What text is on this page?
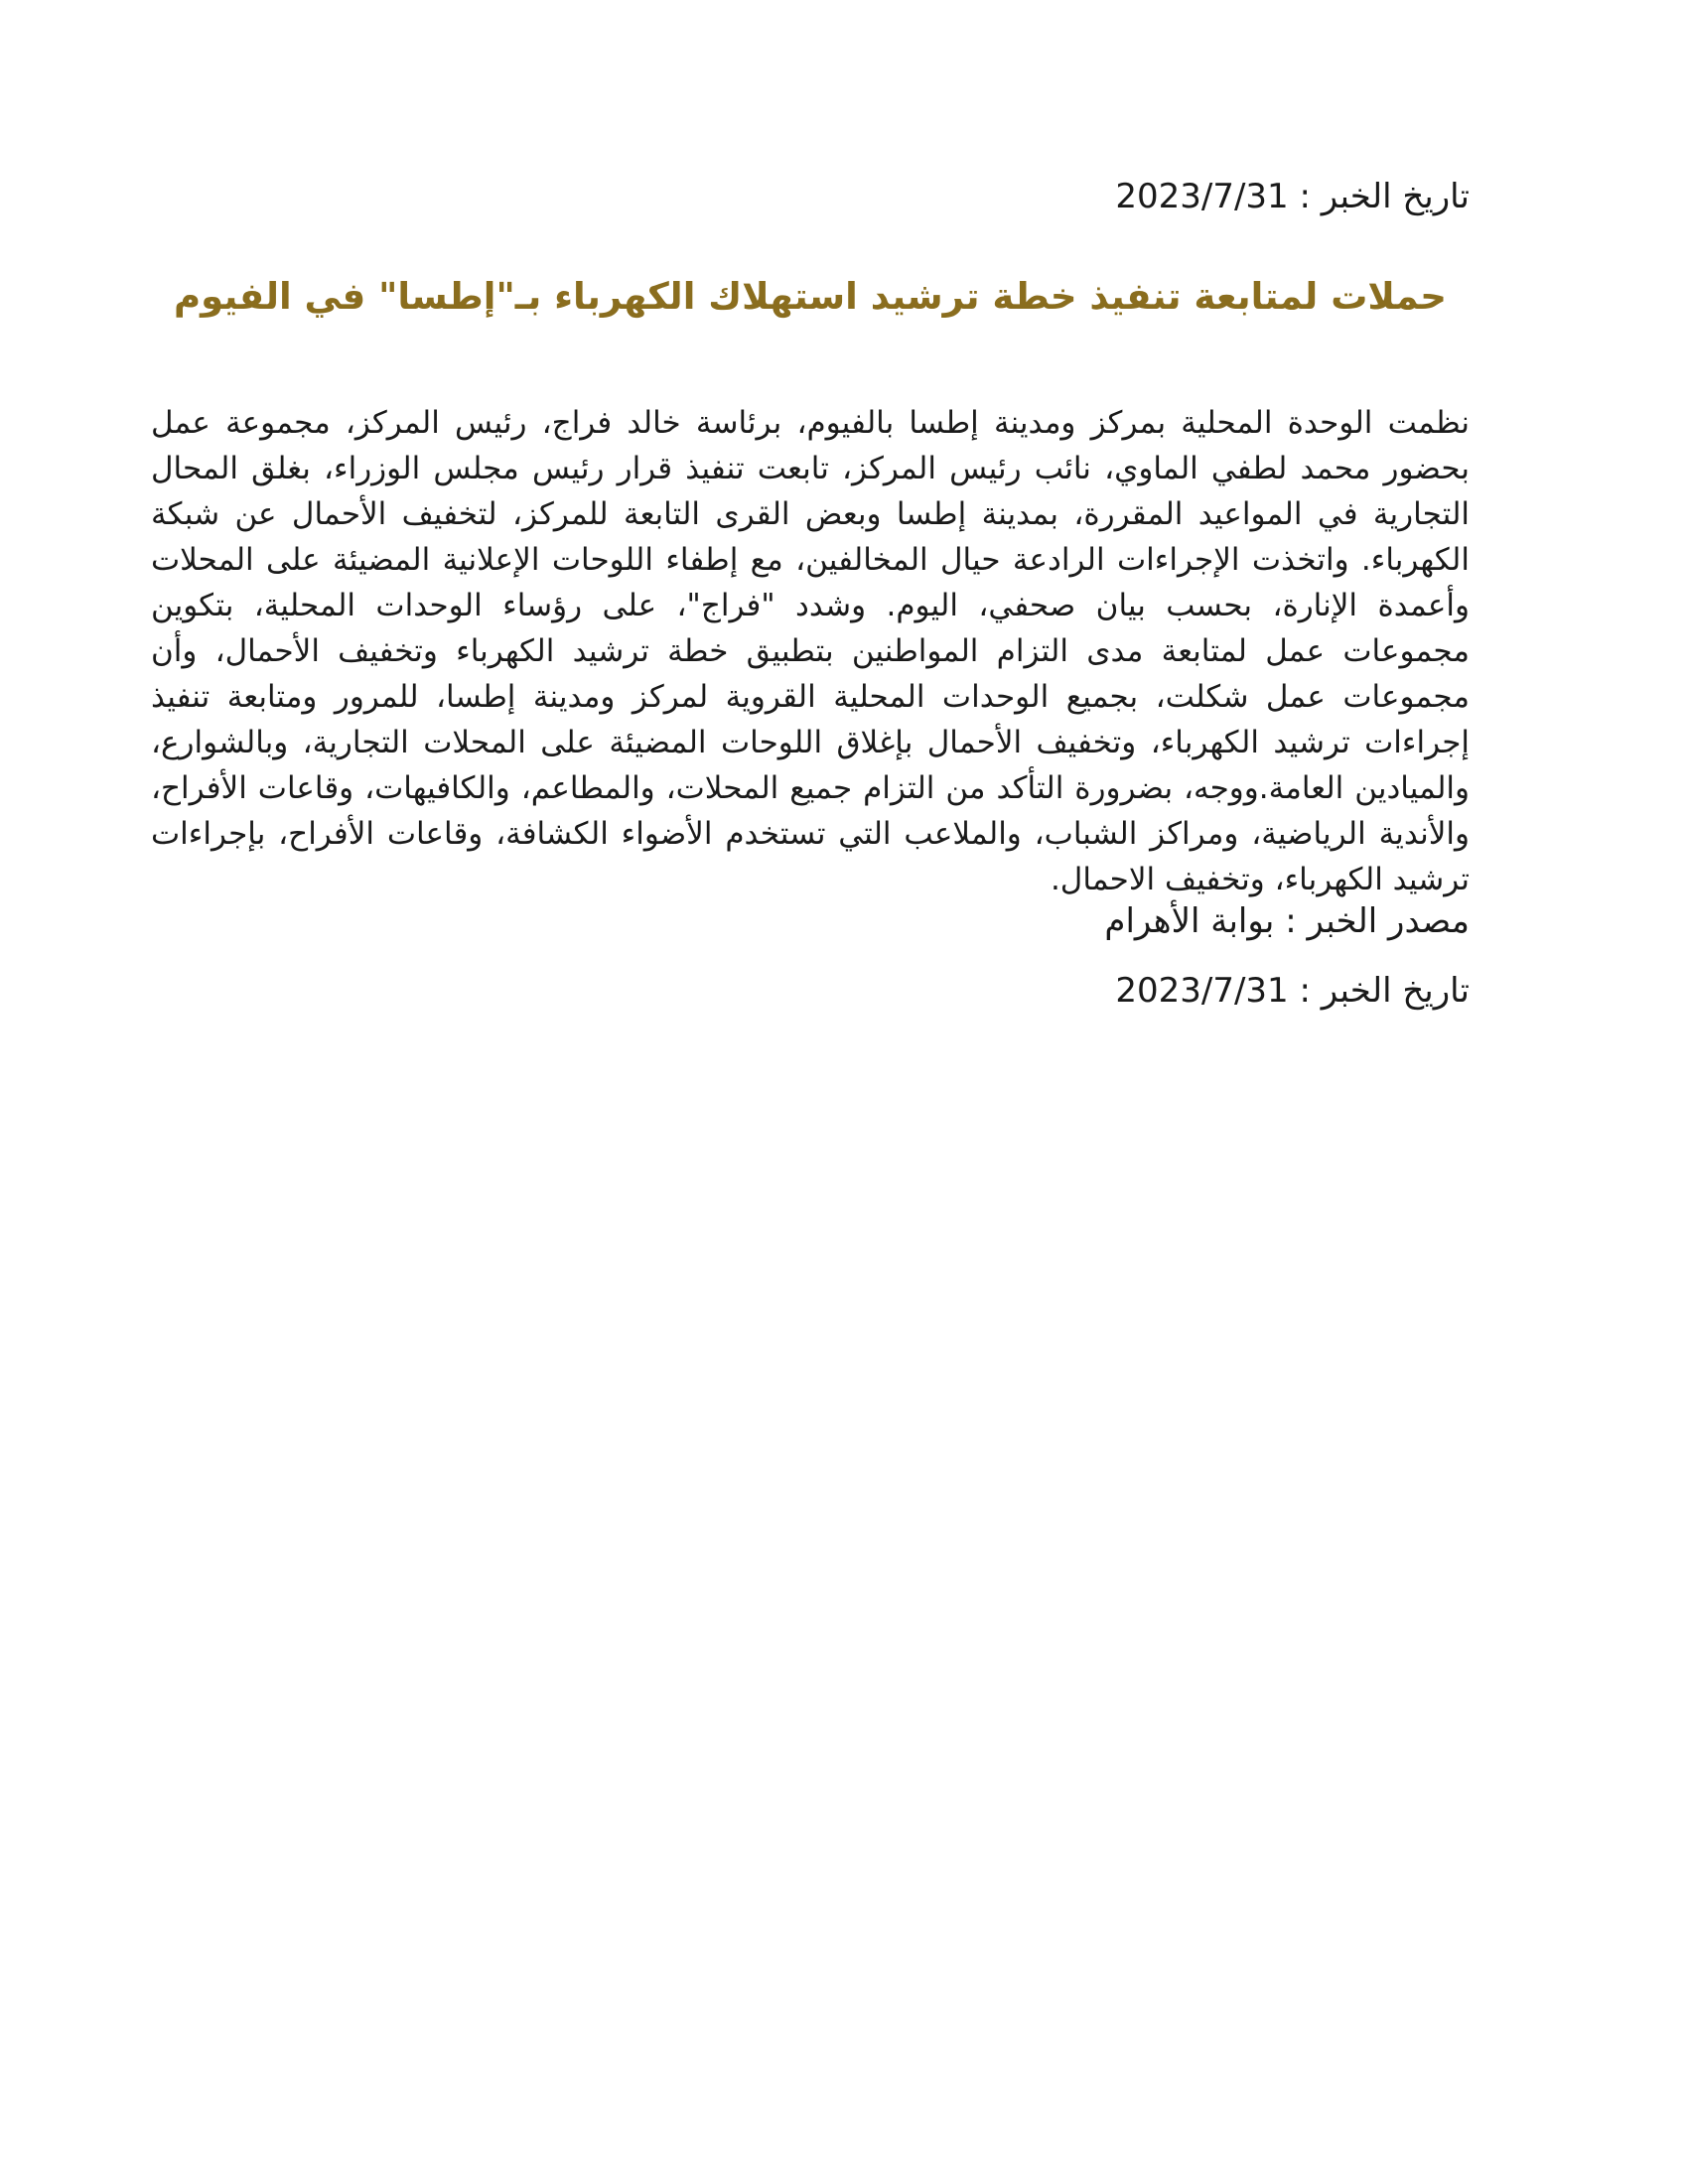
تاريخ الخبر : 2023/7/31
حملات لمتابعة تنفيذ خطة ترشيد استهلاك الكهرباء بـ"إطسا" في الفيوم

نظمت الوحدة المحلية بمركز ومدينة إطسا بالفيوم، برئاسة خالد فراج، رئيس المركز، مجموعة عمل بحضور محمد لطفي الماوي، نائب رئيس المركز، تابعت تنفيذ قرار رئيس مجلس الوزراء، بغلق المحال التجارية في المواعيد المقررة، بمدينة إطسا وبعض القرى التابعة للمركز، لتخفيف الأحمال عن شبكة الكهرباء. واتخذت الإجراءات الرادعة حيال المخالفين، مع إطفاء اللوحات الإعلانية المضيئة على المحلات وأعمدة الإنارة، بحسب بيان صحفي، اليوم. وشدد "فراج"، على رؤساء الوحدات المحلية، بتكوين مجموعات عمل لمتابعة مدى التزام المواطنين بتطبيق خطة ترشيد الكهرباء وتخفيف الأحمال، وأن مجموعات عمل شكلت، بجميع الوحدات المحلية القروية لمركز ومدينة إطسا، للمرور ومتابعة تنفيذ إجراءات ترشيد الكهرباء، وتخفيف الأحمال بإغلاق اللوحات المضيئة على المحلات التجارية، وبالشوارع، والميادين العامة.ووجه، بضرورة التأكد من التزام جميع المحلات، والمطاعم، والكافيهات، وقاعات الأفراح، والأندية الرياضية، ومراكز الشباب، والملاعب التي تستخدم الأضواء الكشافة، وقاعات الأفراح، بإجراءات ترشيد الكهرباء، وتخفيف الاحمال.

مصدر الخبر : بوابة الأهرام
تاريخ الخبر : 2023/7/31
